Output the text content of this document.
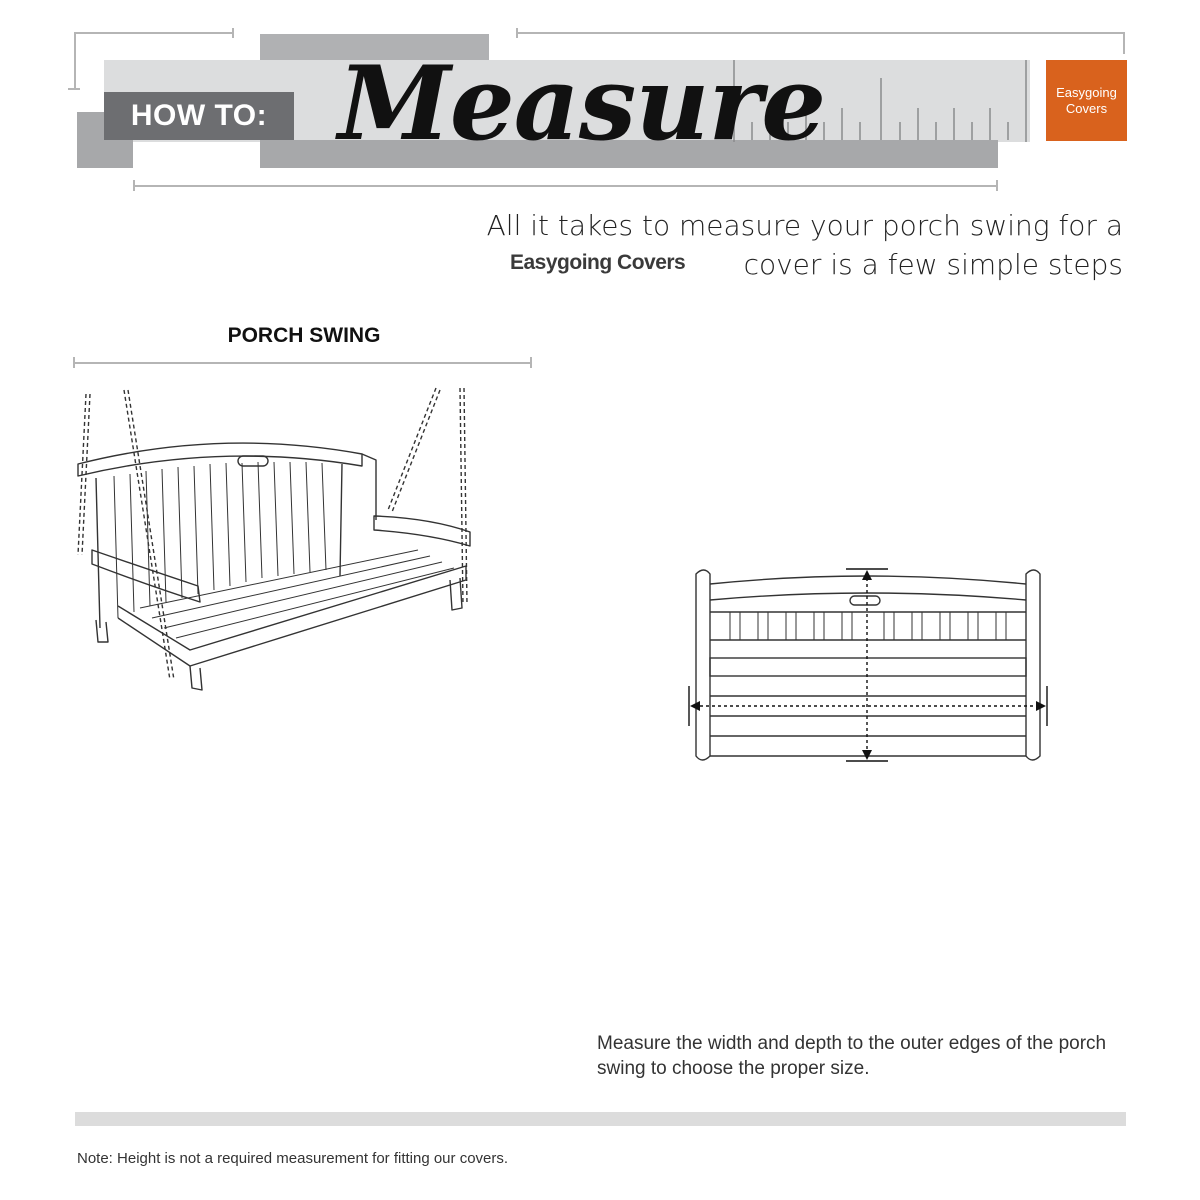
HOW TO: Measure	Easygoing
Covers
All it takes to measure your porch swing for a
cover is a few simple steps
Easygoing Covers
PORCH SWING
Measure the width and depth to the outer edges of the porch swing to choose the proper size.
Note: Height is not a required measurement for fitting our covers.
